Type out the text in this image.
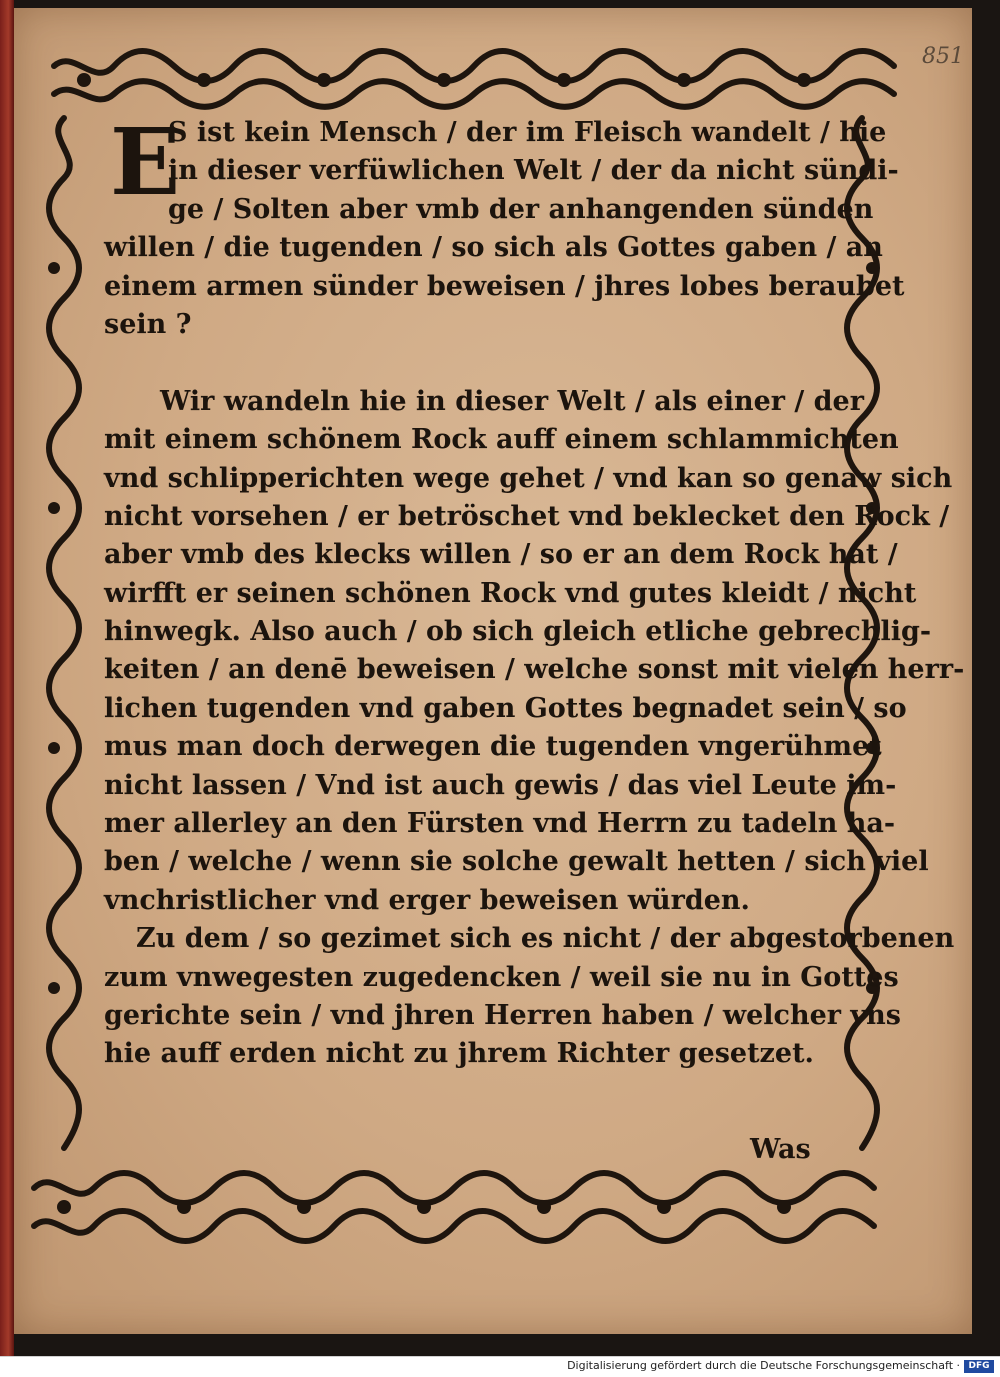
851
E
S ist kein Mensch / der im Fleisch wandelt / hie
in dieser verfüwlichen Welt / der da nicht sündi-
ge / Solten aber vmb der anhangenden sünden
willen / die tugenden / so sich als Gottes gaben / an
einem armen sünder beweisen / jhres lobes beraubet
sein ?
Wir wandeln hie in dieser Welt / als einer / der
mit einem schönem Rock auff einem schlammichten
vnd schlipperichten wege gehet / vnd kan so genaw sich
nicht vorsehen / er betröschet vnd beklecket den Rock /
aber vmb des klecks willen / so er an dem Rock hat /
wirfft er seinen schönen Rock vnd gutes kleidt / nicht
hinwegk. Also auch / ob sich gleich etliche gebrechlig-
keiten / an denē beweisen / welche sonst mit vielen herr-
lichen tugenden vnd gaben Gottes begnadet sein / so
mus man doch derwegen die tugenden vngerühmet
nicht lassen / Vnd ist auch gewis / das viel Leute im-
mer allerley an den Fürsten vnd Herrn zu tadeln ha-
ben / welche / wenn sie solche gewalt hetten / sich viel
vnchristlicher vnd erger beweisen würden.
Zu dem / so gezimet sich es nicht / der abgestorbenen
zum vnwegesten zugedencken / weil sie nu in Gottes
gerichte sein / vnd jhren Herren haben / welcher vns
hie auff erden nicht zu jhrem Richter gesetzet.
Was
Digitalisierung gefördert durch die Deutsche Forschungsgemeinschaft · DFG
